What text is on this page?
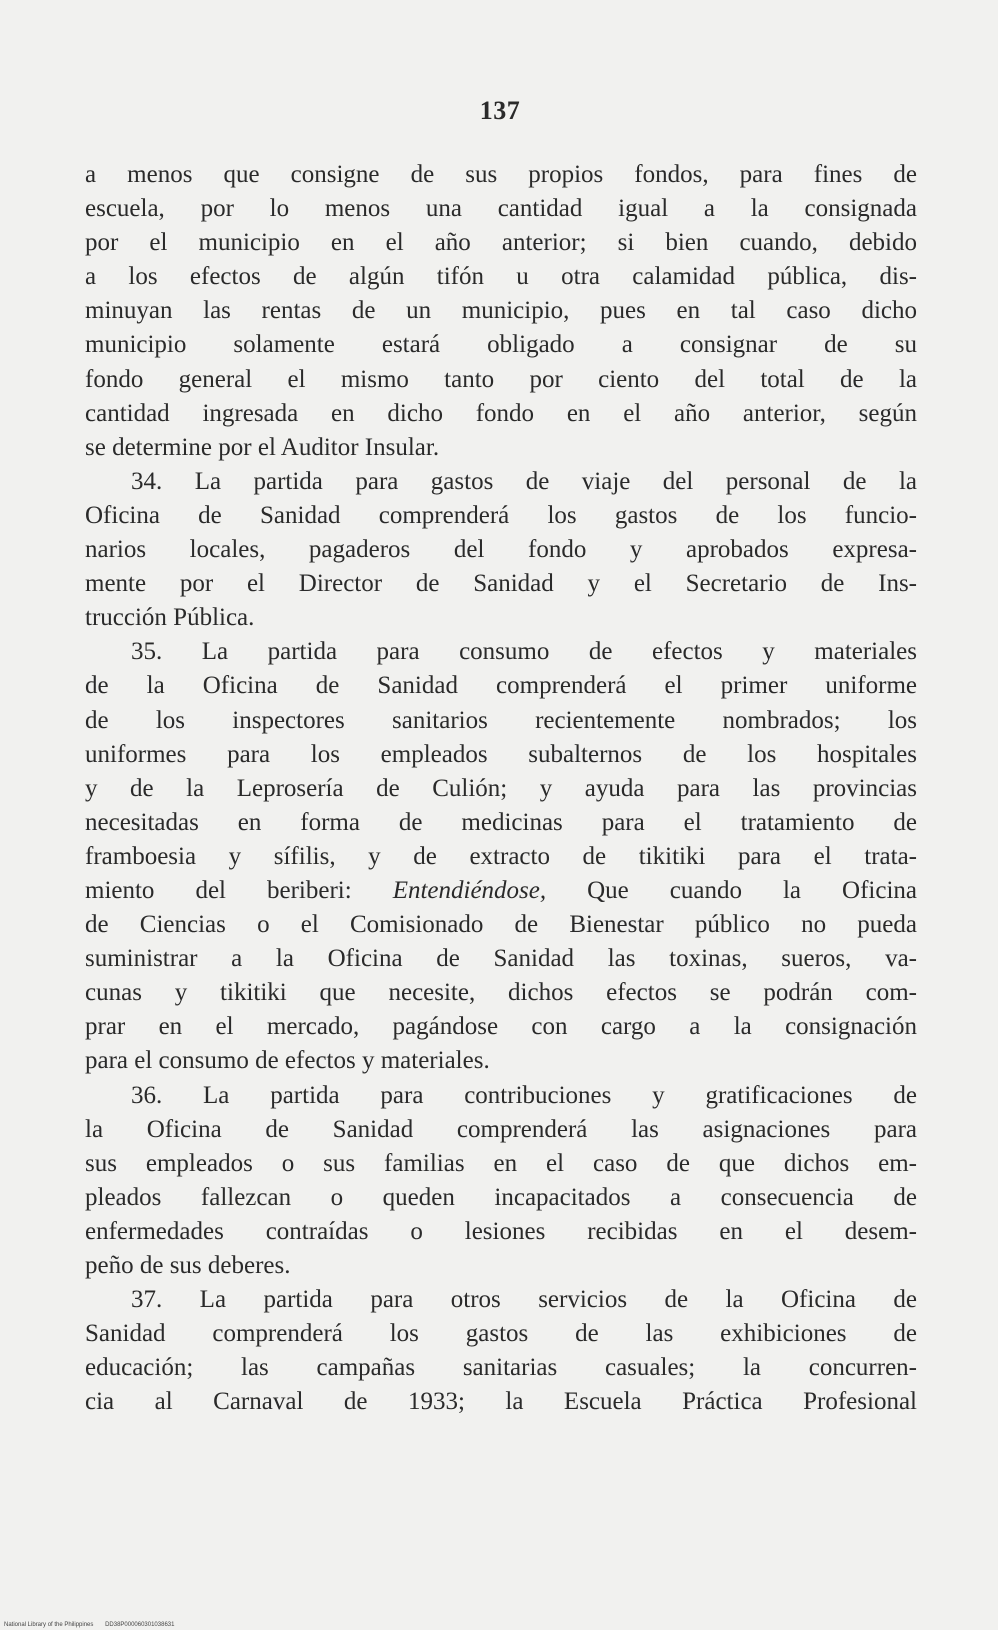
137
a menos que consigne de sus propios fondos, para fines de
escuela, por lo menos una cantidad igual a la consignada
por el municipio en el año anterior; si bien cuando, debido
a los efectos de algún tifón u otra calamidad pública, dis-
minuyan las rentas de un municipio, pues en tal caso dicho
municipio solamente estará obligado a consignar de su
fondo general el mismo tanto por ciento del total de la
cantidad ingresada en dicho fondo en el año anterior, según
se determine por el Auditor Insular.
34. La partida para gastos de viaje del personal de la
Oficina de Sanidad comprenderá los gastos de los funcio-
narios locales, pagaderos del fondo y aprobados expresa-
mente por el Director de Sanidad y el Secretario de Ins-
trucción Pública.
35. La partida para consumo de efectos y materiales
de la Oficina de Sanidad comprenderá el primer uniforme
de los inspectores sanitarios recientemente nombrados; los
uniformes para los empleados subalternos de los hospitales
y de la Leprosería de Culión; y ayuda para las provincias
necesitadas en forma de medicinas para el tratamiento de
framboesia y sífilis, y de extracto de tikitiki para el trata-
miento del beriberi: Entendiéndose, Que cuando la Oficina
de Ciencias o el Comisionado de Bienestar público no pueda
suministrar a la Oficina de Sanidad las toxinas, sueros, va-
cunas y tikitiki que necesite, dichos efectos se podrán com-
prar en el mercado, pagándose con cargo a la consignación
para el consumo de efectos y materiales.
36. La partida para contribuciones y gratificaciones de
la Oficina de Sanidad comprenderá las asignaciones para
sus empleados o sus familias en el caso de que dichos em-
pleados fallezcan o queden incapacitados a consecuencia de
enfermedades contraídas o lesiones recibidas en el desem-
peño de sus deberes.
37. La partida para otros servicios de la Oficina de
Sanidad comprenderá los gastos de las exhibiciones de
educación; las campañas sanitarias casuales; la concurren-
cia al Carnaval de 1933; la Escuela Práctica Profesional
National Library of the Philippines DD38P000060301038631
